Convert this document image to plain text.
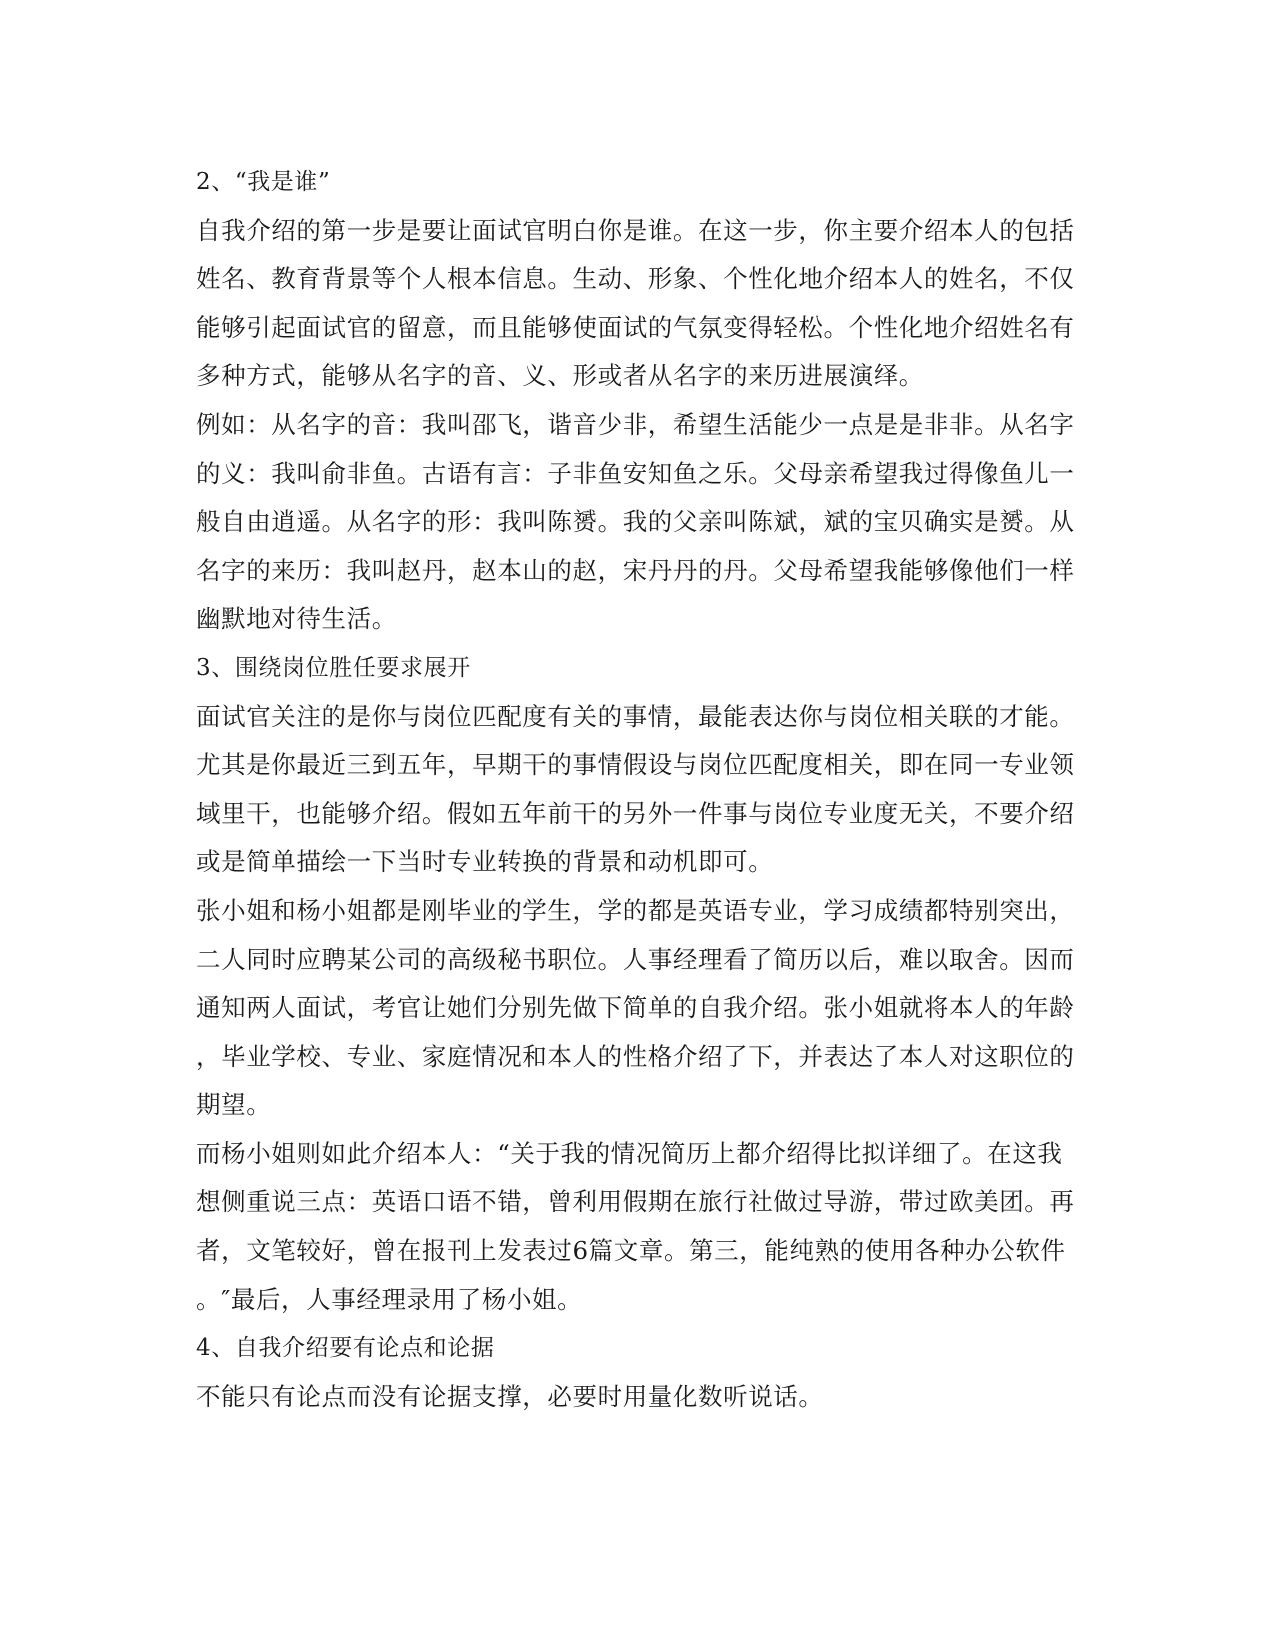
2、“我是谁”

自我介绍的第一步是要让面试官明白你是谁。在这一步，你主要介绍本人的包括

姓名、教育背景等个人根本信息。生动、形象、个性化地介绍本人的姓名，不仅

能够引起面试官的留意，而且能够使面试的气氛变得轻松。个性化地介绍姓名有

多种方式，能够从名字的音、义、形或者从名字的来历进展演绎。

例如：从名字的音：我叫邵飞，谐音少非，希望生活能少一点是是非非。从名字

的义：我叫俞非鱼。古语有言：子非鱼安知鱼之乐。父母亲希望我过得像鱼儿一

般自由逍遥。从名字的形：我叫陈赟。我的父亲叫陈斌，斌的宝贝确实是赟。从

名字的来历：我叫赵丹，赵本山的赵，宋丹丹的丹。父母希望我能够像他们一样

幽默地对待生活。

3、围绕岗位胜任要求展开

面试官关注的是你与岗位匹配度有关的事情，最能表达你与岗位相关联的才能。

尤其是你最近三到五年，早期干的事情假设与岗位匹配度相关，即在同一专业领

域里干，也能够介绍。假如五年前干的另外一件事与岗位专业度无关，不要介绍

或是简单描绘一下当时专业转换的背景和动机即可。

张小姐和杨小姐都是刚毕业的学生，学的都是英语专业，学习成绩都特别突出，

二人同时应聘某公司的高级秘书职位。人事经理看了简历以后，难以取舍。因而

通知两人面试，考官让她们分别先做下简单的自我介绍。张小姐就将本人的年龄

，毕业学校、专业、家庭情况和本人的性格介绍了下，并表达了本人对这职位的

期望。

而杨小姐则如此介绍本人：“关于我的情况简历上都介绍得比拟详细了。在这我

想侧重说三点：英语口语不错，曾利用假期在旅行社做过导游，带过欧美团。再

者，文笔较好，曾在报刊上发表过6篇文章。第三，能纯熟的使用各种办公软件

。″最后，人事经理录用了杨小姐。

4、自我介绍要有论点和论据

不能只有论点而没有论据支撑，必要时用量化数听说话。
